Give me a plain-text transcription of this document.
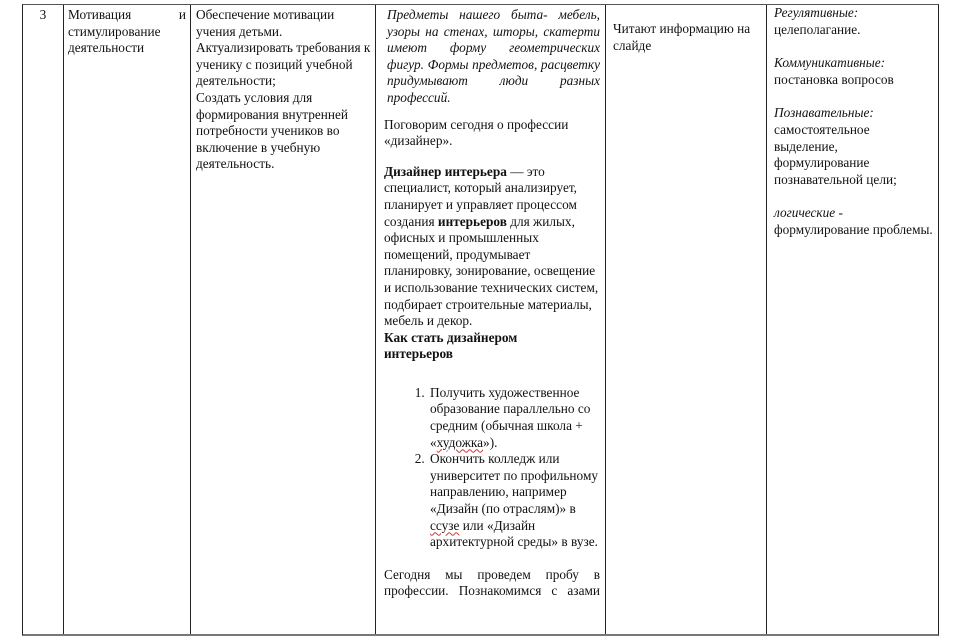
3	Мотивация	и
стимулирование деятельности

Обеспечение мотивации учения детьми.

Актуализировать требования к ученику с позиций учебной деятельности;

Создать условия для формирования внутренней потребности учеников во включение в учебную деятельность.

Предметы нашего быта- мебель, узоры на стенах, шторы, скатерти имеют форму геометрических фигур. Формы предметов, расцветку придумывают люди разных профессий.

Поговорим сегодня о профессии «дизайнер».

Дизайнер интерьера — это специалист, который анализирует, планирует и управляет процессом создания интерьеров для жилых, офисных и промышленных помещений, продумывает планировку, зонирование, освещение и использование технических систем, подбирает строительные материалы, мебель и декор.

Как стать дизайнером интерьеров

1. Получить художественное образование параллельно со средним (обычная школа + «художка»).
2. Окончить колледж или университет по профильному направлению, например «Дизайн (по отраслям)» в ссузе или «Дизайн архитектурной среды» в вузе.

Сегодня мы проведем пробу в профессии. Познакомимся с азами

Читают информацию на слайде

Регулятивные:

целеполагание.

Коммуникативные:

постановка вопросов

Познавательные:

самостоятельное выделение, формулирование познавательной цели;

логические -

формулирование проблемы.
